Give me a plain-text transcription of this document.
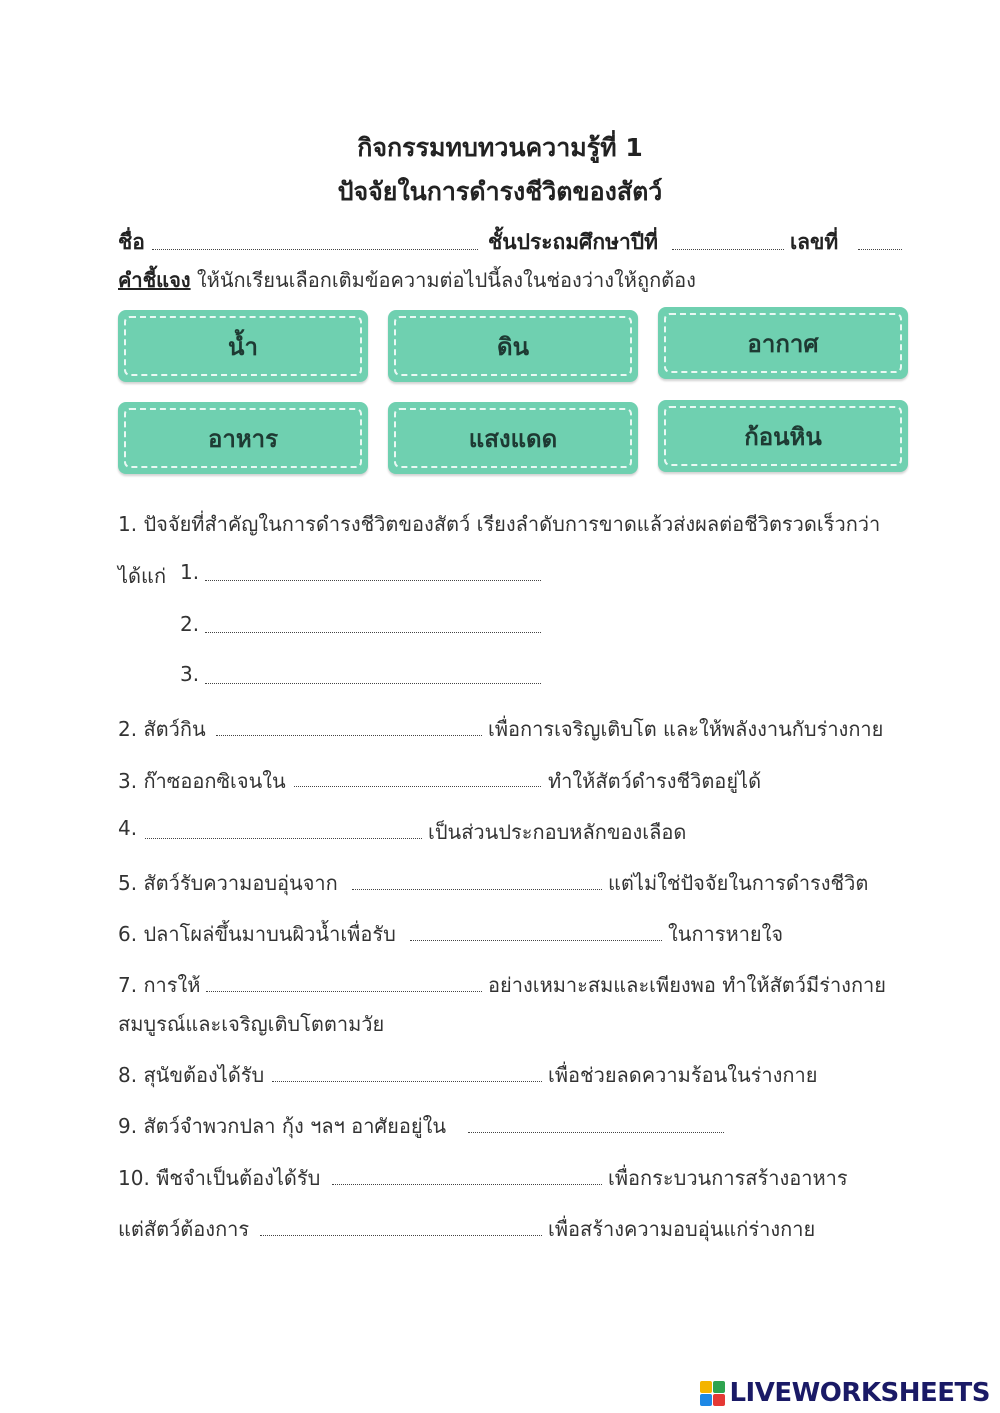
กิจกรรมทบทวนความรู้ที่ 1
ปัจจัยในการดำรงชีวิตของสัตว์
ชื่อ	ชั้นประถมศึกษาปีที่	เลขที่
คำชี้แจง ให้นักเรียนเลือกเติมข้อความต่อไปนี้ลงในช่องว่างให้ถูกต้อง
น้ำ	ดิน	อากาศ
อาหาร	แสงแดด	ก้อนหิน
1. ปัจจัยที่สำคัญในการดำรงชีวิตของสัตว์ เรียงลำดับการขาดแล้วส่งผลต่อชีวิตรวดเร็วกว่า
ได้แก่ 1.
2.
3.
2. สัตว์กิน	เพื่อการเจริญเติบโต และให้พลังงานกับร่างกาย
3. ก๊าซออกซิเจนใน	ทำให้สัตว์ดำรงชีวิตอยู่ได้
4.	เป็นส่วนประกอบหลักของเลือด
5. สัตว์รับความอบอุ่นจาก	แต่ไม่ใช่ปัจจัยในการดำรงชีวิต
6. ปลาโผล่ขึ้นมาบนผิวน้ำเพื่อรับ	ในการหายใจ
7. การให้	อย่างเหมาะสมและเพียงพอ ทำให้สัตว์มีร่างกาย
สมบูรณ์และเจริญเติบโตตามวัย
8. สุนัขต้องได้รับ	เพื่อช่วยลดความร้อนในร่างกาย
9. สัตว์จำพวกปลา กุ้ง ฯลฯ อาศัยอยู่ใน
10. พืชจำเป็นต้องได้รับ	เพื่อกระบวนการสร้างอาหาร
แต่สัตว์ต้องการ	เพื่อสร้างความอบอุ่นแก่ร่างกาย
LIVEWORKSHEETS
